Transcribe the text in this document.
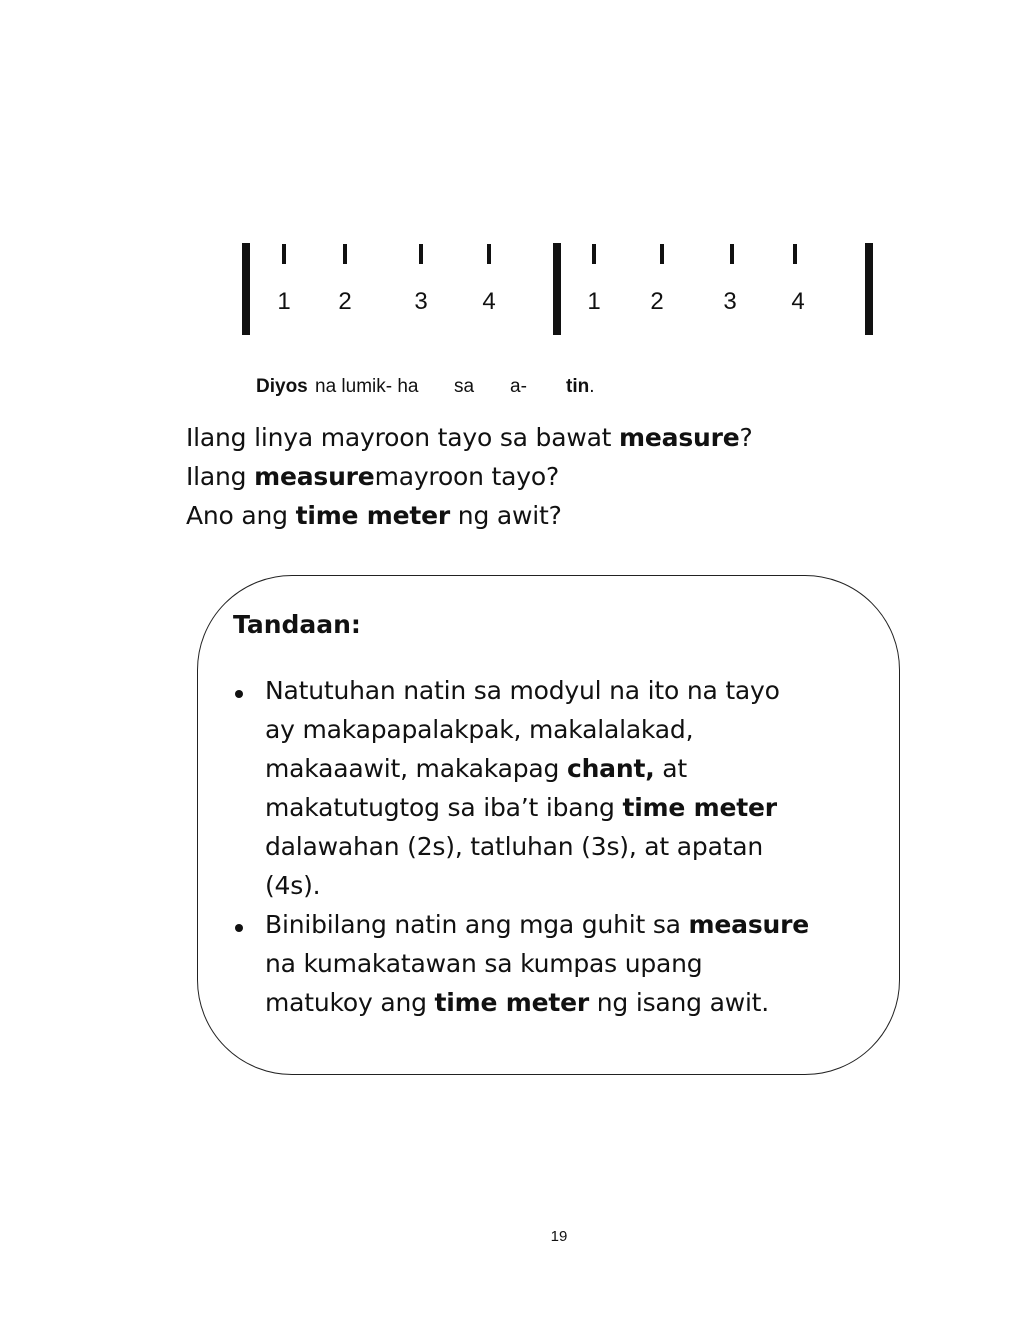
1	2	3	4	1	2	3	4
Diyos na lumik- ha sa a- tin.
Ilang linya mayroon tayo sa bawat measure?
Ilang measuremayroon tayo?
Ano ang time meter ng awit?
Tandaan:
Natutuhan natin sa modyul na ito na tayo
ay makapapalakpak, makalalakad,
makaaawit, makakapag chant, at
makatutugtog sa iba’t ibang time meter
dalawahan (2s), tatluhan (3s), at apatan
(4s).
Binibilang natin ang mga guhit sa measure
na kumakatawan sa kumpas upang
matukoy ang time meter ng isang awit.
19
